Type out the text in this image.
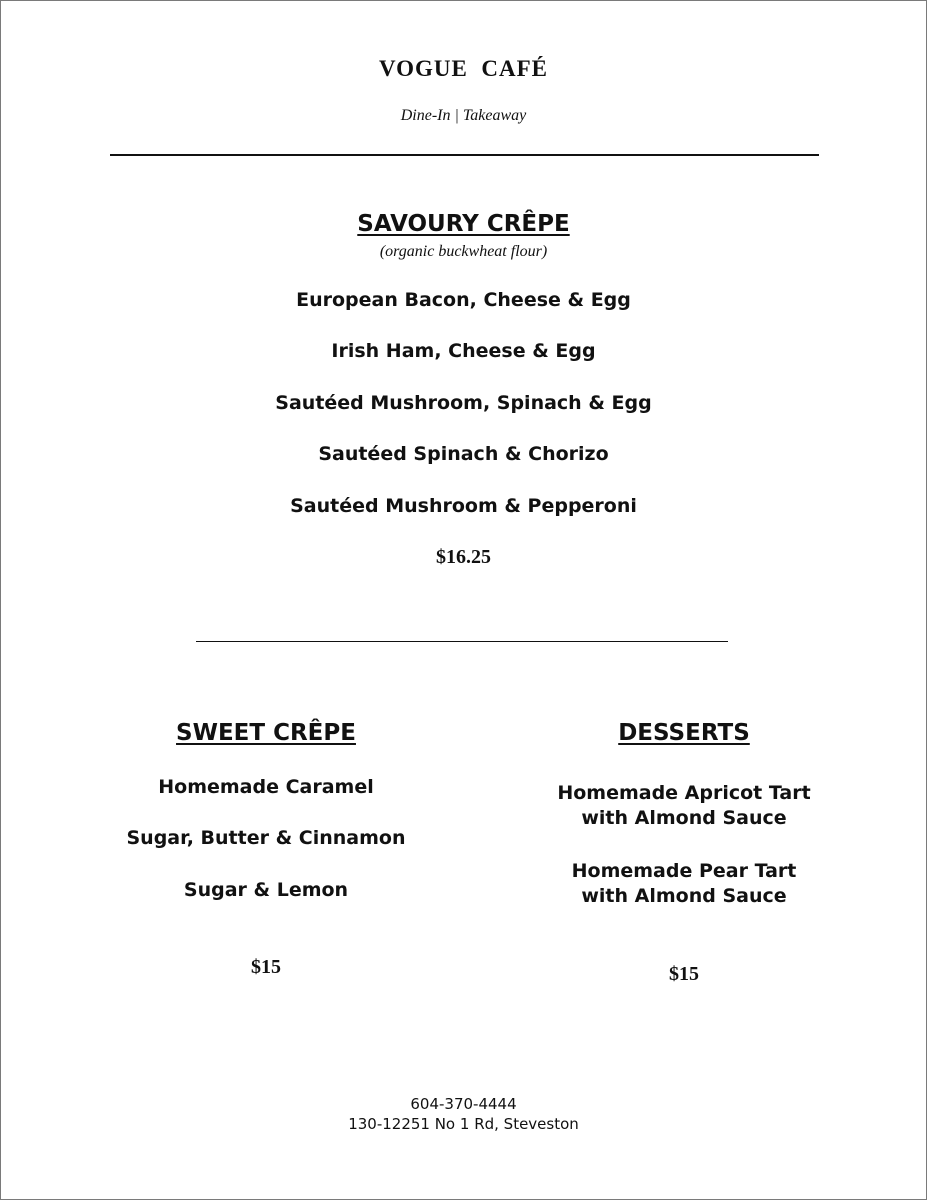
VOGUE  CAFÉ
Dine-In | Takeaway
SAVOURY CRÊPE
(organic buckwheat flour)
European Bacon, Cheese & Egg
Irish Ham, Cheese & Egg
Sautéed Mushroom, Spinach & Egg
Sautéed Spinach & Chorizo
Sautéed Mushroom & Pepperoni
$16.25
SWEET CRÊPE
Homemade Caramel
Sugar, Butter & Cinnamon
Sugar & Lemon
$15
DESSERTS
Homemade Apricot Tart
with Almond Sauce
Homemade Pear Tart
with Almond Sauce
$15
604-370-4444
130-12251 No 1 Rd, Steveston
